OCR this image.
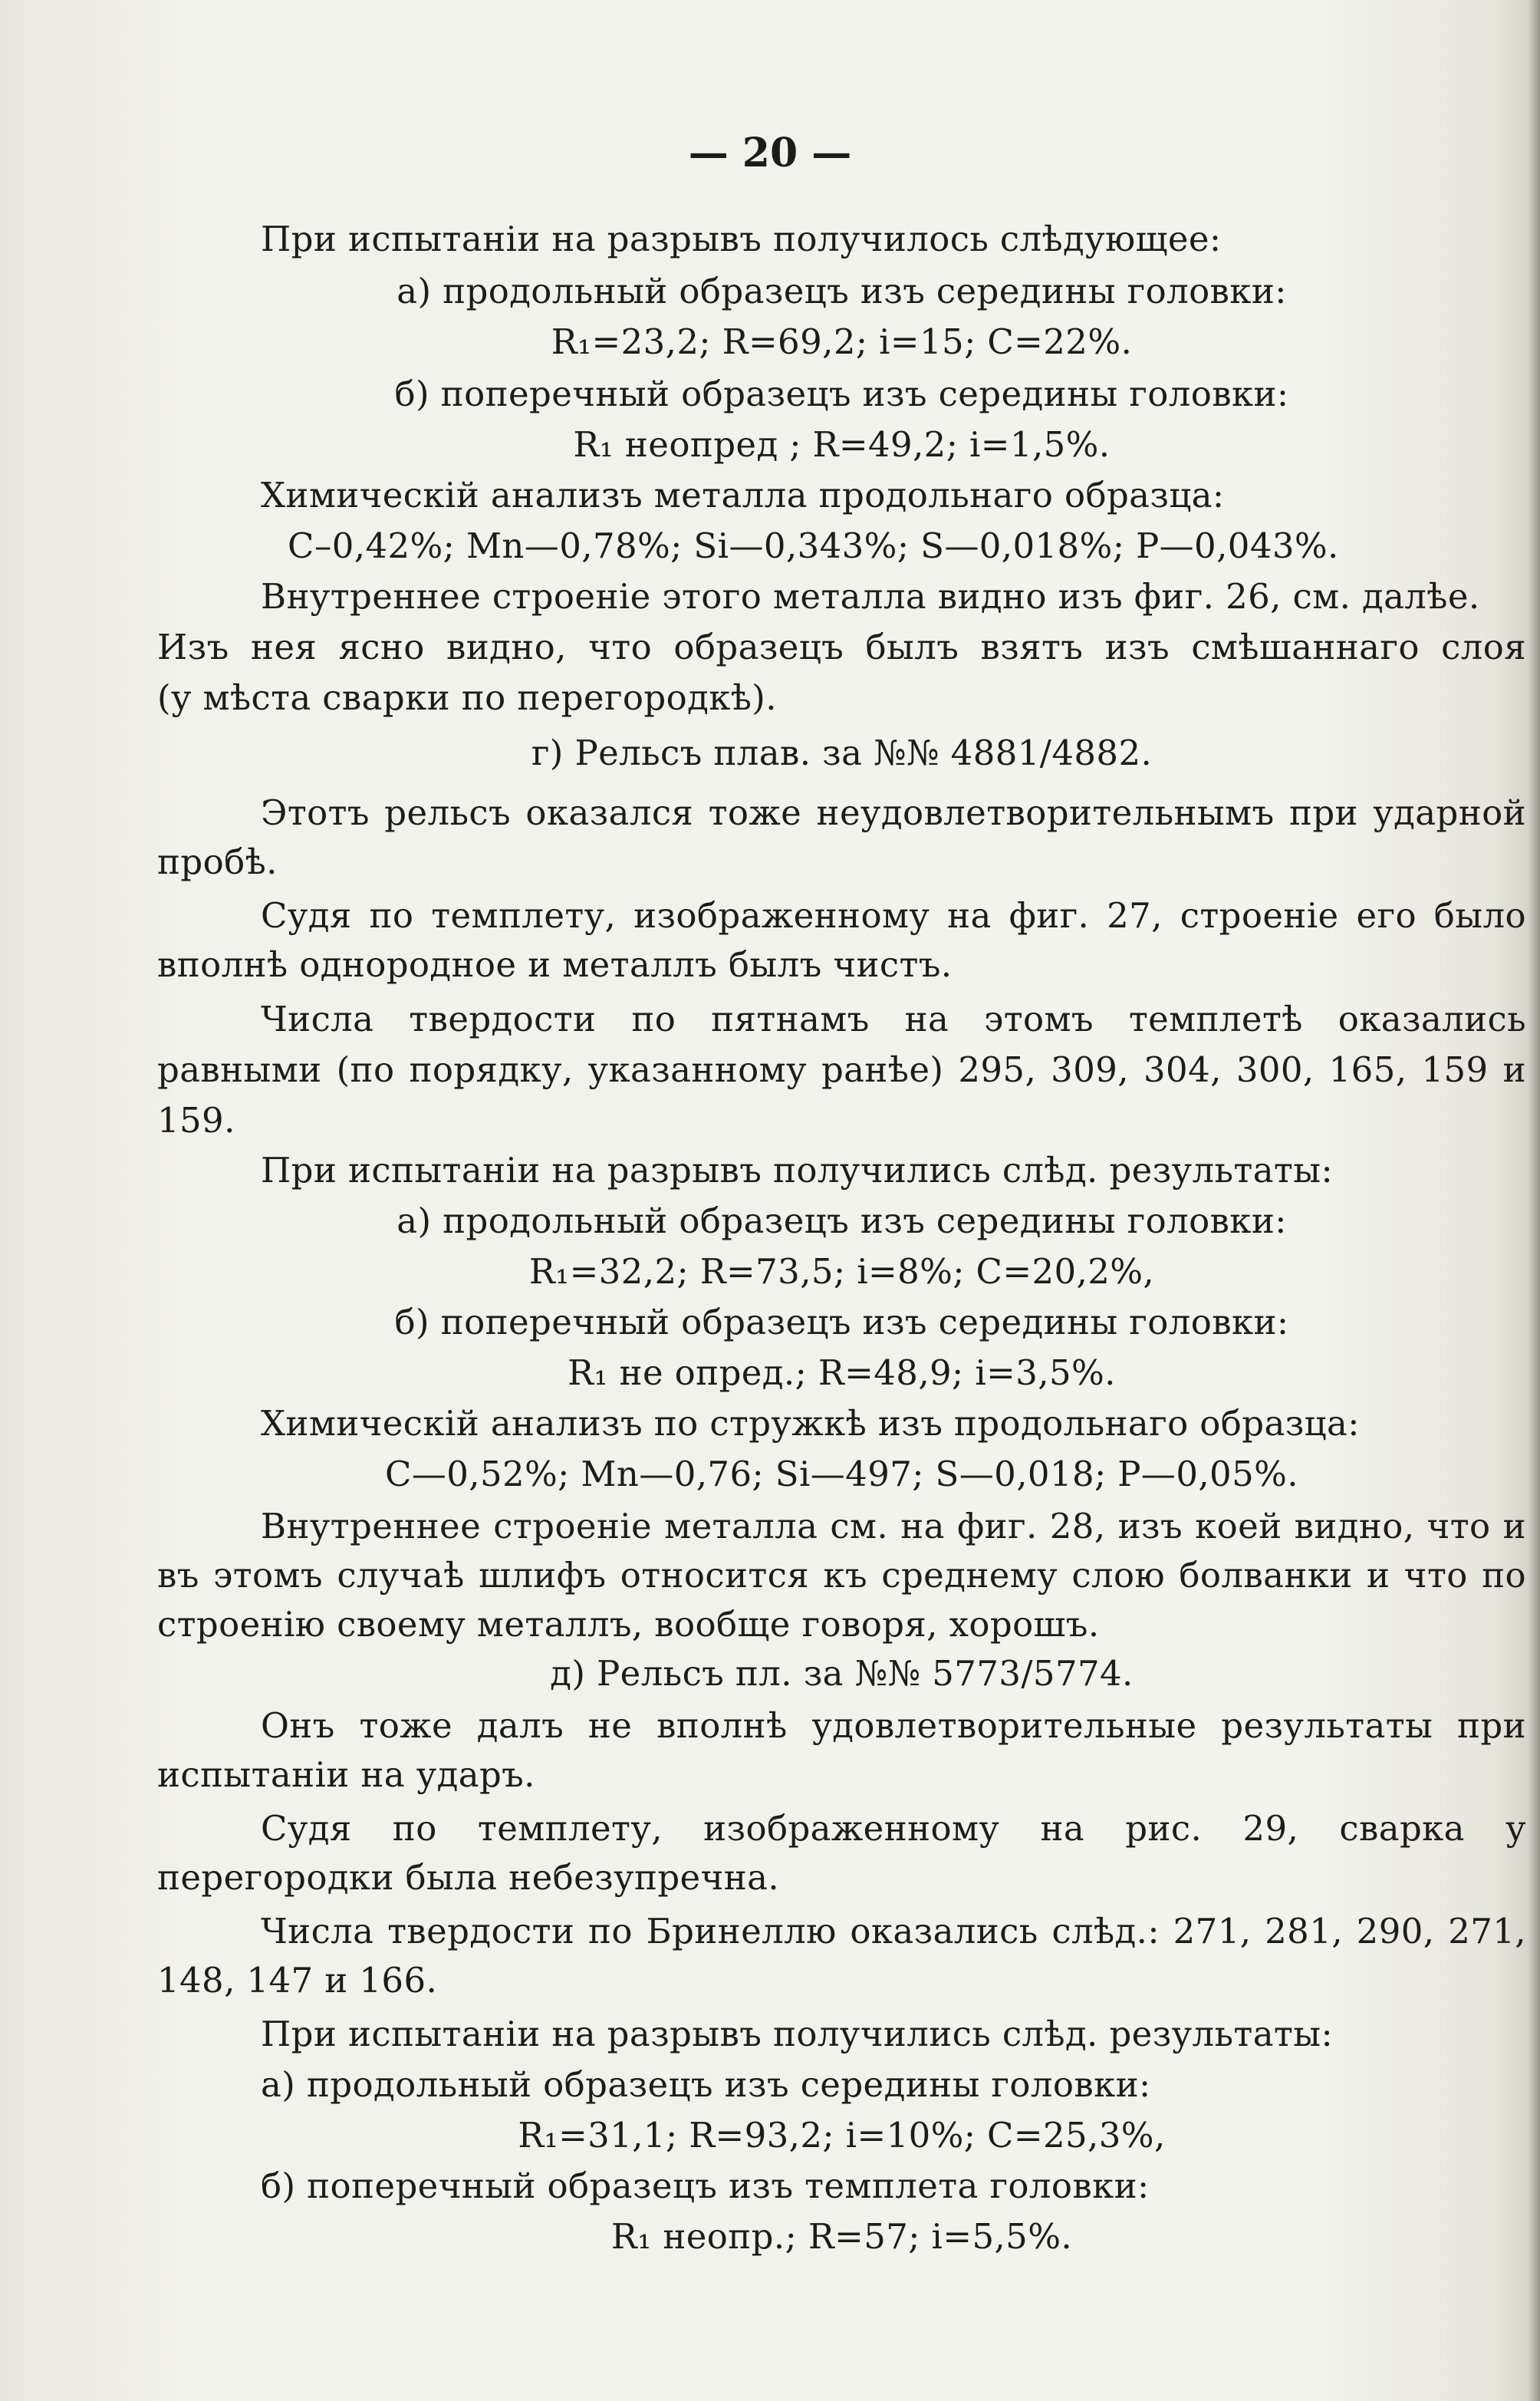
— 20 —
При испытаніи на разрывъ получилось слѣдующее:
а) продольный образецъ изъ середины головки:
R₁=23,2; R=69,2; i=15; C=22%.
б) поперечный образецъ изъ середины головки:
R₁ неопред ; R=49,2; i=1,5%.
Химическій анализъ металла продольнаго образца:
C–0,42%; Mn—0,78%; Si—0,343%; S—0,018%; P—0,043%.
Внутреннее строеніе этого металла видно изъ фиг. 26, см. далѣе.
Изъ нея ясно видно, что образецъ былъ взятъ изъ смѣшаннаго слоя
(у мѣста сварки по перегородкѣ).
г) Рельсъ плав. за №№ 4881/4882.
Этотъ рельсъ оказался тоже неудовлетворительнымъ при ударной пробѣ.
Судя по темплету, изображенному на фиг. 27, строеніе его было вполнѣ однородное и металлъ былъ чистъ.
Числа твердости по пятнамъ на этомъ темплетѣ оказались равными (по порядку, указанному ранѣе) 295, 309, 304, 300, 165, 159 и 159.
При испытаніи на разрывъ получились слѣд. результаты:
а) продольный образецъ изъ середины головки:
R₁=32,2; R=73,5; i=8%; C=20,2%,
б) поперечный образецъ изъ середины головки:
R₁ не опред.; R=48,9; i=3,5%.
Химическій анализъ по стружкѣ изъ продольнаго образца:
C—0,52%; Mn—0,76; Si—497; S—0,018; P—0,05%.
Внутреннее строеніе металла см. на фиг. 28, изъ коей видно, что и въ этомъ случаѣ шлифъ относится къ среднему слою болванки и что по строенію своему металлъ, вообще говоря, хорошъ.
д) Рельсъ пл. за №№ 5773/5774.
Онъ тоже далъ не вполнѣ удовлетворительные результаты при испытаніи на ударъ.
Судя по темплету, изображенному на рис. 29, сварка у перегородки была небезупречна.
Числа твердости по Бринеллю оказались слѣд.: 271, 281, 290, 271, 148, 147 и 166.
При испытаніи на разрывъ получились слѣд. результаты:
а) продольный образецъ изъ середины головки:
R₁=31,1; R=93,2; i=10%; C=25,3%,
б) поперечный образецъ изъ темплета головки:
R₁ неопр.; R=57; i=5,5%.
